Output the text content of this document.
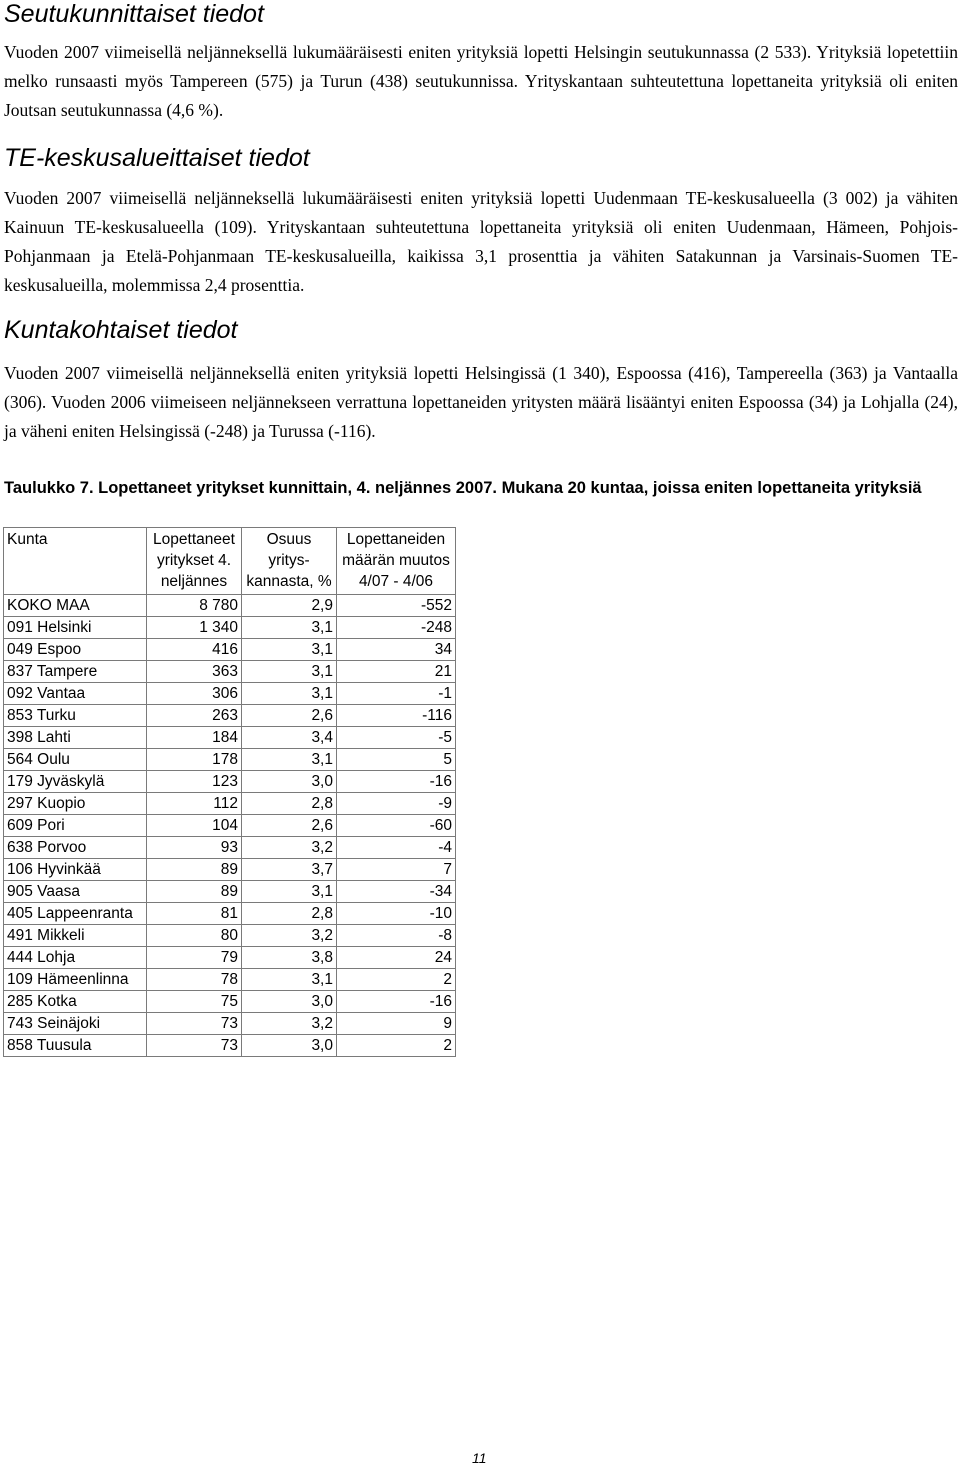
Seutukunnittaiset tiedot

Vuoden 2007 viimeisellä neljänneksellä lukumääräisesti eniten yrityksiä lopetti Helsingin seutukunnassa (2 533). Yrityksiä lopetettiin melko runsaasti myös Tampereen (575) ja Turun (438) seutukunnissa. Yrityskantaan suhteutettuna lopettaneita yrityksiä oli eniten Joutsan seutukunnassa (4,6 %).

TE-keskusalueittaiset tiedot

Vuoden 2007 viimeisellä neljänneksellä lukumääräisesti eniten yrityksiä lopetti Uudenmaan TE-keskusalueella (3 002) ja vähiten Kainuun TE-keskusalueella (109). Yrityskantaan suhteutettuna lopettaneita yrityksiä oli eniten Uudenmaan, Hämeen, Pohjois-Pohjanmaan ja Etelä-Pohjanmaan TE-keskusalueilla, kaikissa 3,1 prosenttia ja vähiten Satakunnan ja Varsinais-Suomen TE-keskusalueilla, molemmissa 2,4 prosenttia.

Kuntakohtaiset tiedot

Vuoden 2007 viimeisellä neljänneksellä eniten yrityksiä lopetti Helsingissä (1 340), Espoossa (416), Tampereella (363) ja Vantaalla (306). Vuoden 2006 viimeiseen neljännekseen verrattuna lopettaneiden yritysten määrä lisääntyi eniten Espoossa (34) ja Lohjalla (24), ja väheni eniten Helsingissä (-248) ja Turussa (-116).

Taulukko 7. Lopettaneet yritykset kunnittain, 4. neljännes 2007. Mukana 20 kuntaa, joissa eniten lopettaneita yrityksiä

Kunta	Lopettaneet yritykset 4. neljännes	Osuus yritys-kannasta, %	Lopettaneiden määrän muutos 4/07 - 4/06
KOKO MAA	8 780	2,9	-552
091 Helsinki	1 340	3,1	-248
049 Espoo	416	3,1	34
837 Tampere	363	3,1	21
092 Vantaa	306	3,1	-1
853 Turku	263	2,6	-116
398 Lahti	184	3,4	-5
564 Oulu	178	3,1	5
179 Jyväskylä	123	3,0	-16
297 Kuopio	112	2,8	-9
609 Pori	104	2,6	-60
638 Porvoo	93	3,2	-4
106 Hyvinkää	89	3,7	7
905 Vaasa	89	3,1	-34
405 Lappeenranta	81	2,8	-10
491 Mikkeli	80	3,2	-8
444 Lohja	79	3,8	24
109 Hämeenlinna	78	3,1	2
285 Kotka	75	3,0	-16
743 Seinäjoki	73	3,2	9
858 Tuusula	73	3,0	2

11
